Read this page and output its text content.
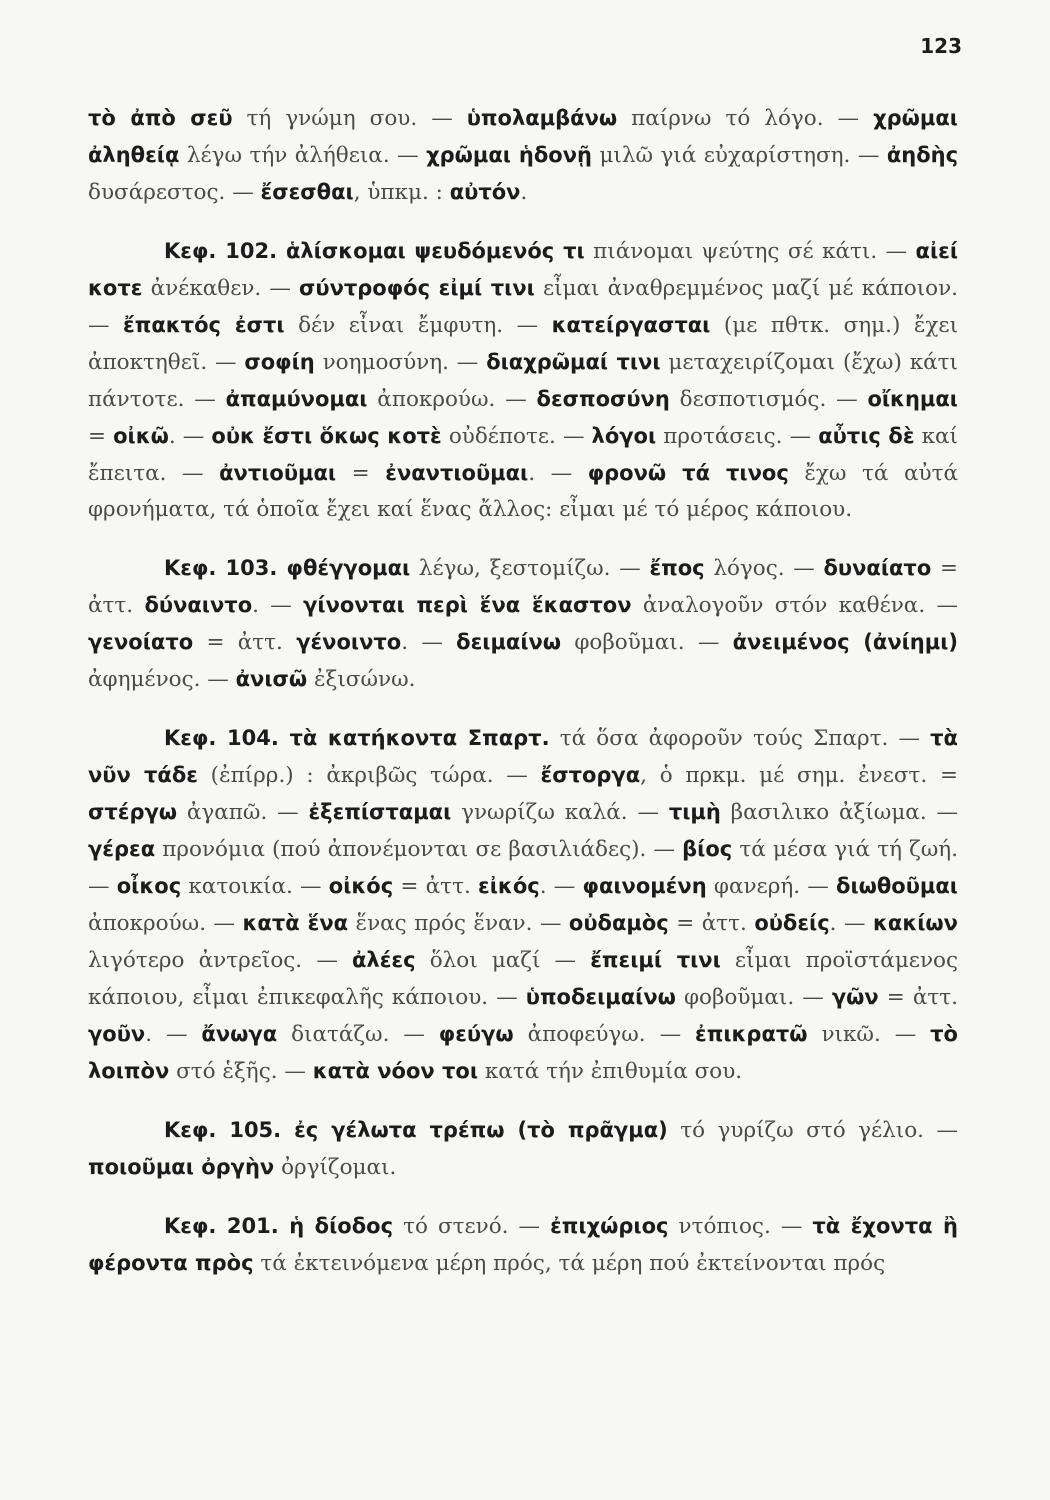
123

τὸ ἀπὸ σεῦ τή γνώμη σου. — ὑπολαμβάνω παίρνω τό λόγο. — χρῶμαι ἀληθείᾳ λέγω τήν ἀλήθεια. — χρῶμαι ἡδονῇ μιλῶ γιά εὐχαρίστηση. — ἀηδὴς δυσάρεστος. — ἔσεσθαι, ὑπκμ. : αὐτόν.

Κεφ. 102. ἁλίσκομαι ψευδόμενός τι πιάνομαι ψεύτης σέ κάτι. — αἰεί κοτε ἀνέκαθεν. — σύντροφός εἰμί τινι εἶμαι ἀναθρεμμένος μαζί μέ κάποιον. — ἔπακτός ἐστι δέν εἶναι ἔμφυτη. — κατείργασται (με πθτκ. σημ.) ἔχει ἀποκτηθεῖ. — σοφίη νοημοσύνη. — διαχρῶμαί τινι μεταχειρίζομαι (ἔχω) κάτι πάντοτε. — ἀπαμύνομαι ἀποκρούω. — δεσποσύνη δεσποτισμός. — οἴκημαι = οἰκῶ. — οὐκ ἔστι ὅκως κοτὲ οὐδέποτε. — λόγοι προτάσεις. — αὖτις δὲ καί ἔπειτα. — ἀντιοῦμαι = ἐναντιοῦμαι. — φρονῶ τά τινος ἔχω τά αὐτά φρονήματα, τά ὁποῖα ἔχει καί ἕνας ἄλλος: εἶμαι μέ τό μέρος κάποιου.

Κεφ. 103. φθέγγομαι λέγω, ξεστομίζω. — ἔπος λόγος. — δυναίατο = ἀττ. δύναιντο. — γίνονται περὶ ἕνα ἕκαστον ἀναλογοῦν στόν καθένα. — γενοίατο = ἀττ. γένοιντο. — δειμαίνω φοβοῦμαι. — ἀνειμένος (ἀνίημι) ἀφημένος. — ἀνισῶ ἐξισώνω.

Κεφ. 104. τὰ κατήκοντα Σπαρτ. τά ὅσα ἀφοροῦν τούς Σπαρτ. — τὰ νῦν τάδε (ἐπίρρ.) : ἀκριβῶς τώρα. — ἔστοργα, ὁ πρκμ. μέ σημ. ἐνεστ. = στέργω ἀγαπῶ. — ἐξεπίσταμαι γνωρίζω καλά. — τιμὴ βασιλικο ἀξίωμα. — γέρεα προνόμια (πού ἀπονέμονται σε βασιλιάδες). — βίος τά μέσα γιά τή ζωή. — οἶκος κατοικία. — οἰκός = ἀττ. εἰκός. — φαινομένη φανερή. — διωθοῦμαι ἀποκρούω. — κατὰ ἕνα ἕνας πρός ἕναν. — οὐδαμὸς = ἀττ. οὐδείς. — κακίων λιγότερο ἀντρεῖος. — ἀλέες ὅλοι μαζί — ἔπειμί τινι εἶμαι προϊστάμενος κάποιου, εἶμαι ἐπικεφαλῆς κάποιου. — ὑποδειμαίνω φοβοῦμαι. — γῶν = ἀττ. γοῦν. — ἄνωγα διατάζω. — φεύγω ἀποφεύγω. — ἐπικρατῶ νικῶ. — τὸ λοιπὸν στό ἑξῆς. — κατὰ νόον τοι κατά τήν ἐπιθυμία σου.

Κεφ. 105. ἐς γέλωτα τρέπω (τὸ πρᾶγμα) τό γυρίζω στό γέλιο. — ποιοῦμαι ὀργὴν ὀργίζομαι.

Κεφ. 201. ἡ δίοδος τό στενό. — ἐπιχώριος ντόπιος. — τὰ ἔχοντα ἢ φέροντα πρὸς τά ἐκτεινόμενα μέρη πρός, τά μέρη πού ἐκτείνονται πρός
